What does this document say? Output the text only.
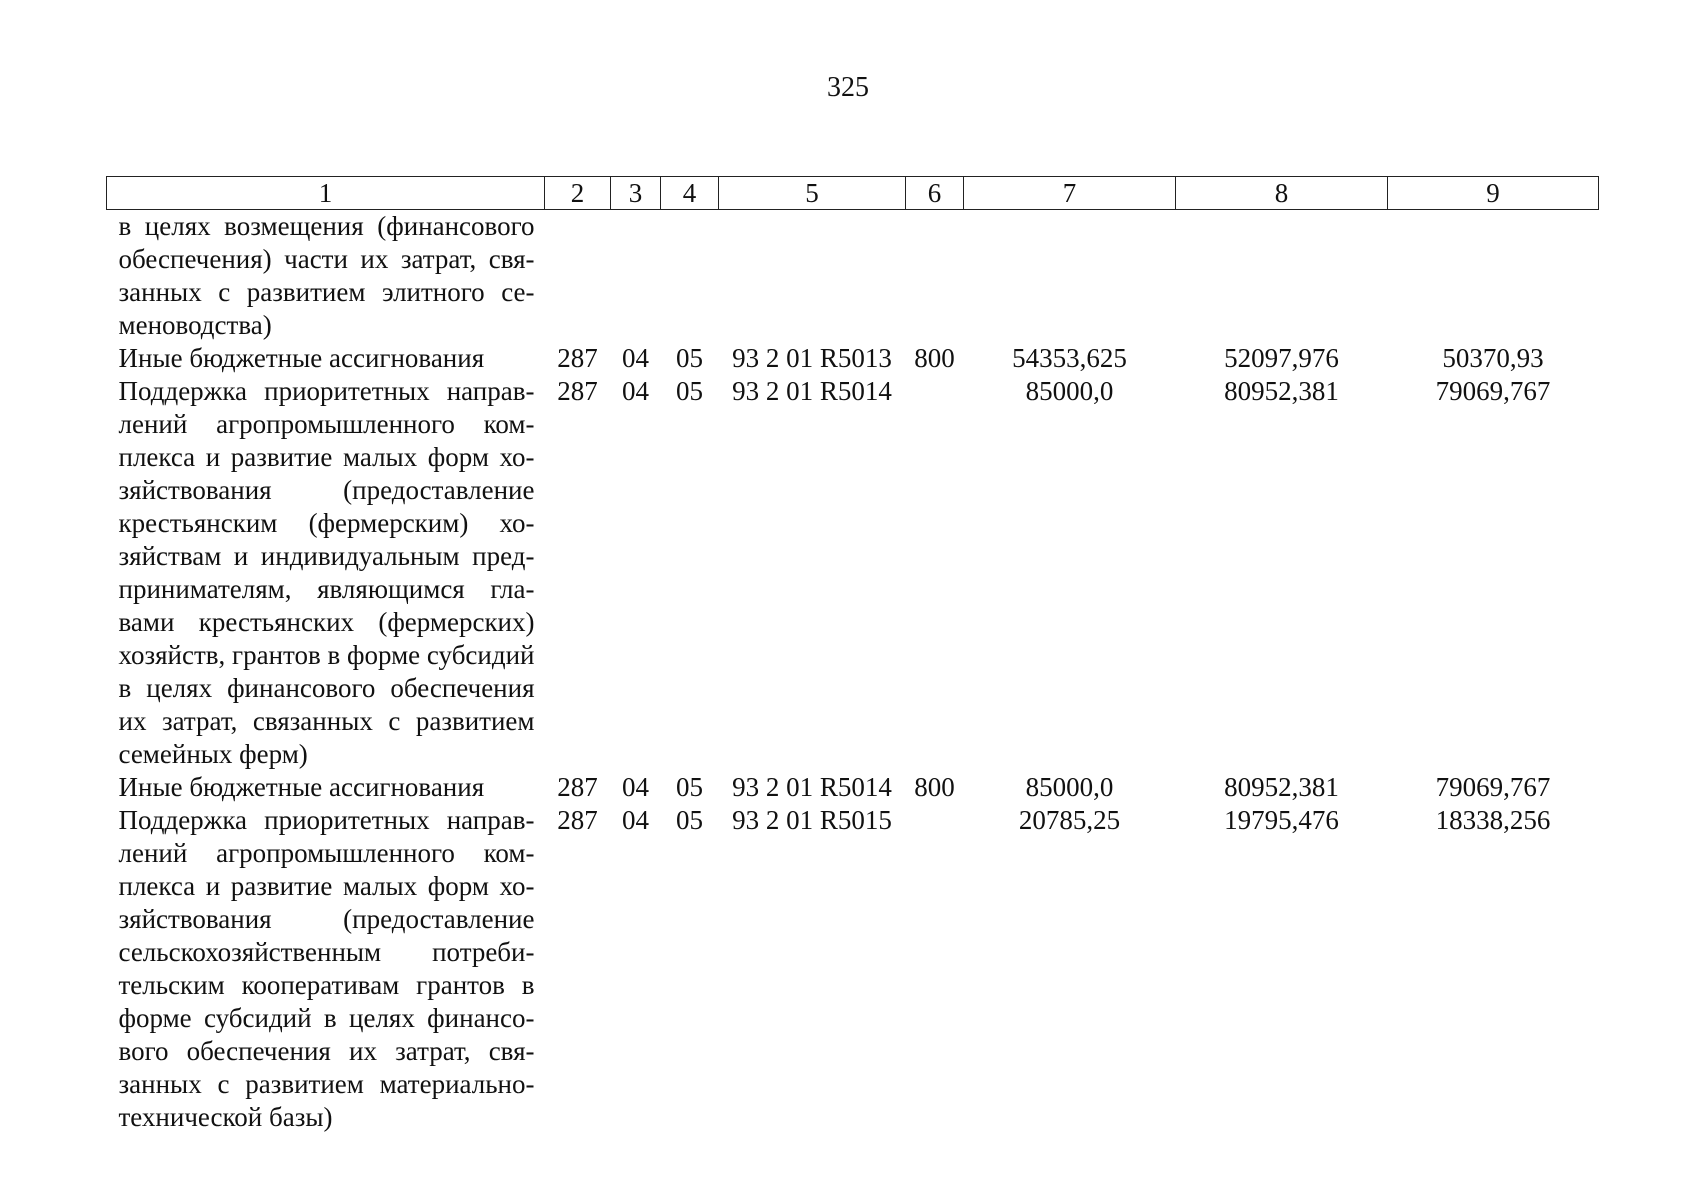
325
1	2	3	4	5	6	7	8	9
в целях возмещения (финансового обеспечения) части их затрат, связанных с развитием элитного семеноводства)								
Иные бюджетные ассигнования	287	04	05	93 2 01 R5013	800	54353,625	52097,976	50370,93
Поддержка приоритетных направлений агропромышленного комплекса и развитие малых форм хозяйствования (предоставление крестьянским (фермерским) хозяйствам и индивидуальным предпринимателям, являющимся главами крестьянских (фермерских) хозяйств, грантов в форме субсидий в целях финансового обеспечения их затрат, связанных с развитием семейных ферм)	287	04	05	93 2 01 R5014		85000,0	80952,381	79069,767
Иные бюджетные ассигнования	287	04	05	93 2 01 R5014	800	85000,0	80952,381	79069,767
Поддержка приоритетных направлений агропромышленного комплекса и развитие малых форм хозяйствования (предоставление сельскохозяйственным потребительским кооперативам грантов в форме субсидий в целях финансового обеспечения их затрат, связанных с развитием материально-технической базы)	287	04	05	93 2 01 R5015		20785,25	19795,476	18338,256
